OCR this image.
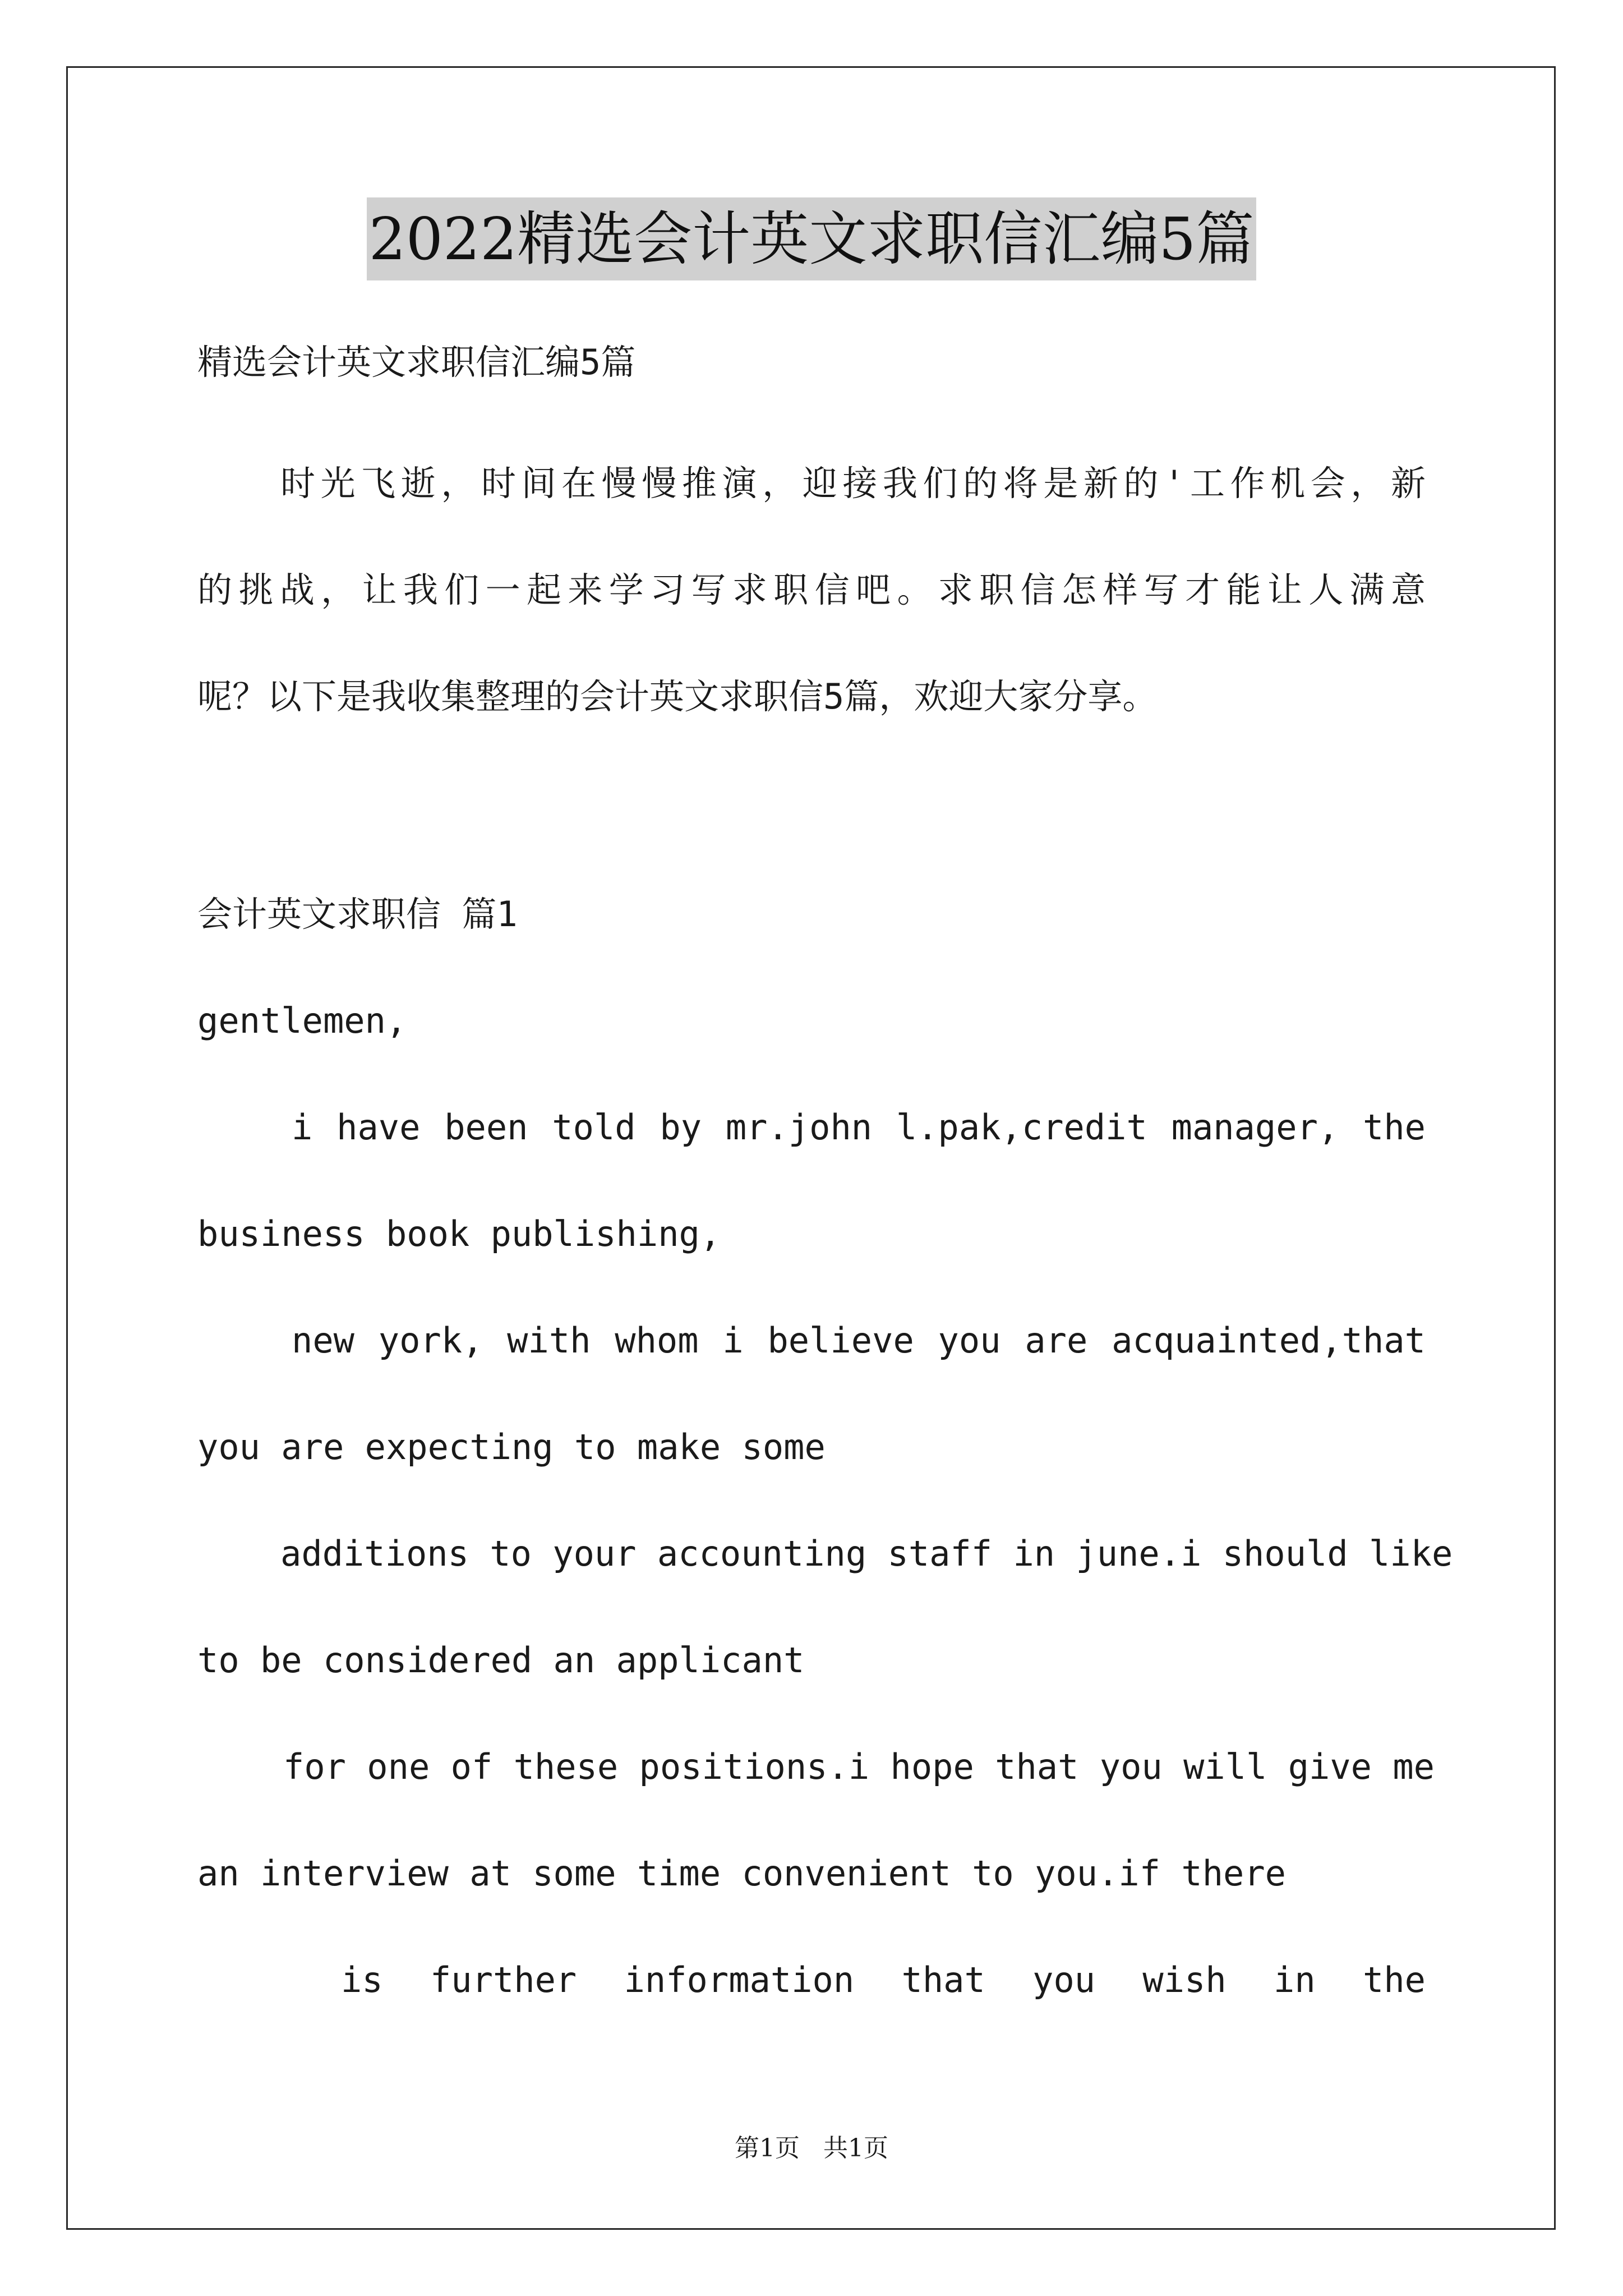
2022精选会计英文求职信汇编5篇
精选会计英文求职信汇编5篇
时光飞逝，时间在慢慢推演，迎接我们的将是新的'工作机会，新
的挑战，让我们一起来学习写求职信吧。求职信怎样写才能让人满意
呢？以下是我收集整理的会计英文求职信5篇，欢迎大家分享。
会计英文求职信 篇1
gentlemen,
i have been told by mr.john l.pak,credit manager, the
business book publishing,
new york, with whom i believe you are acquainted,that
you are expecting to make some
additions to your accounting staff in june.i should like
to be considered an applicant
for one of these positions.i hope that you will give me
an interview at some time convenient to you.if there
is further information that you wish in the
第1页   共1页
